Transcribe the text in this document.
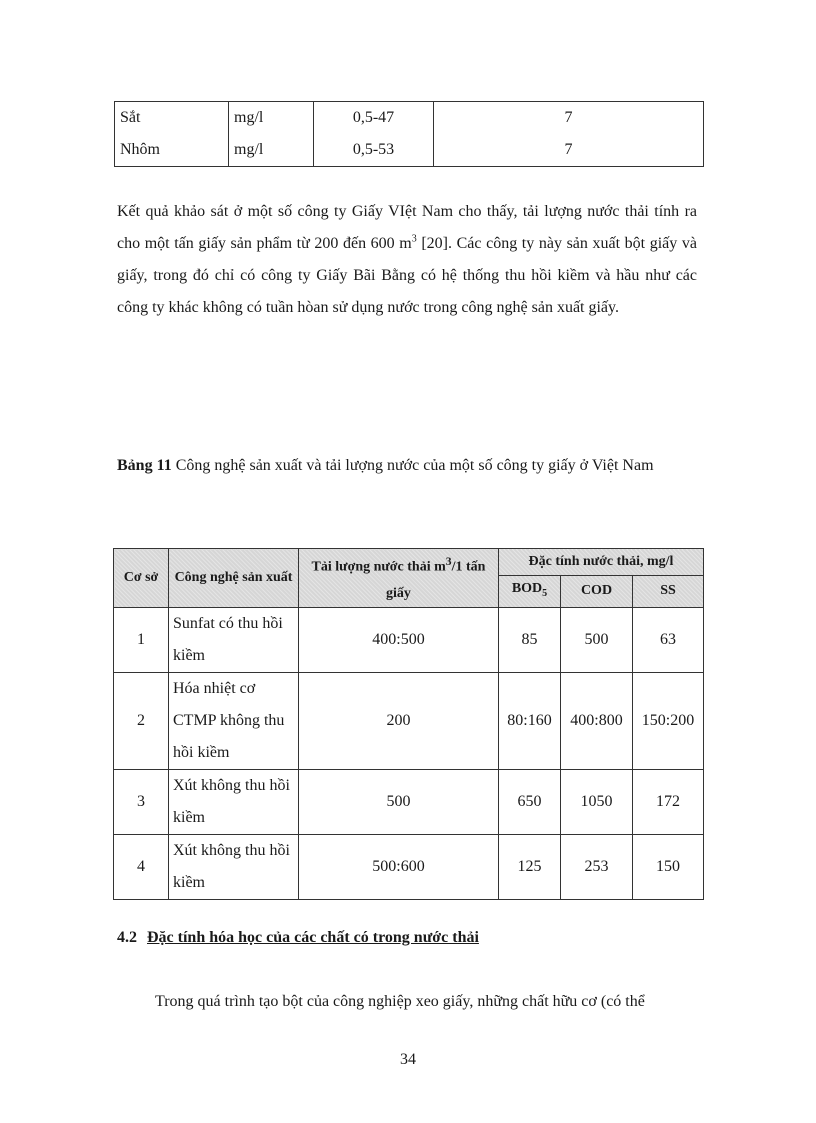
Sắt	mg/l	0,5-47	7
Nhôm	mg/l	0,5-53	7

Kết quả khảo sát ở một số công ty Giấy VIệt Nam cho thấy, tải lượng nước thải tính ra cho một tấn giấy sản phẩm từ 200 đến 600 $m^3$ [20]. Các công ty này sản xuất bột giấy và giấy, trong đó chỉ có công ty Giấy Bãi Bằng có hệ thống thu hồi kiềm và hầu như các công ty khác không có tuần hòan sử dụng nước trong công nghệ sản xuất giấy.

Bảng 11 Công nghệ sản xuất và tải lượng nước của một số công ty giấy ở Việt Nam

Cơ sở	Công nghệ sản xuất	Tải lượng nước thải $m^3/1$ tấn giấy	Đặc tính nước thải, mg/l		
			$BOD_5$	COD	SS
1	Sunfat có thu hồi kiềm	400:500	85	500	63
2	Hóa nhiệt cơ CTMP không thu hồi kiềm	200	80:160	400:800	150:200
3	Xút không thu hồi kiềm	500	650	1050	172
4	Xút không thu hồi kiềm	500:600	125	253	150
4.2 Đặc tính hóa học của các chất có trong nước thải

Trong quá trình tạo bột của công nghiệp xeo giấy, những chất hữu cơ (có thể

34
